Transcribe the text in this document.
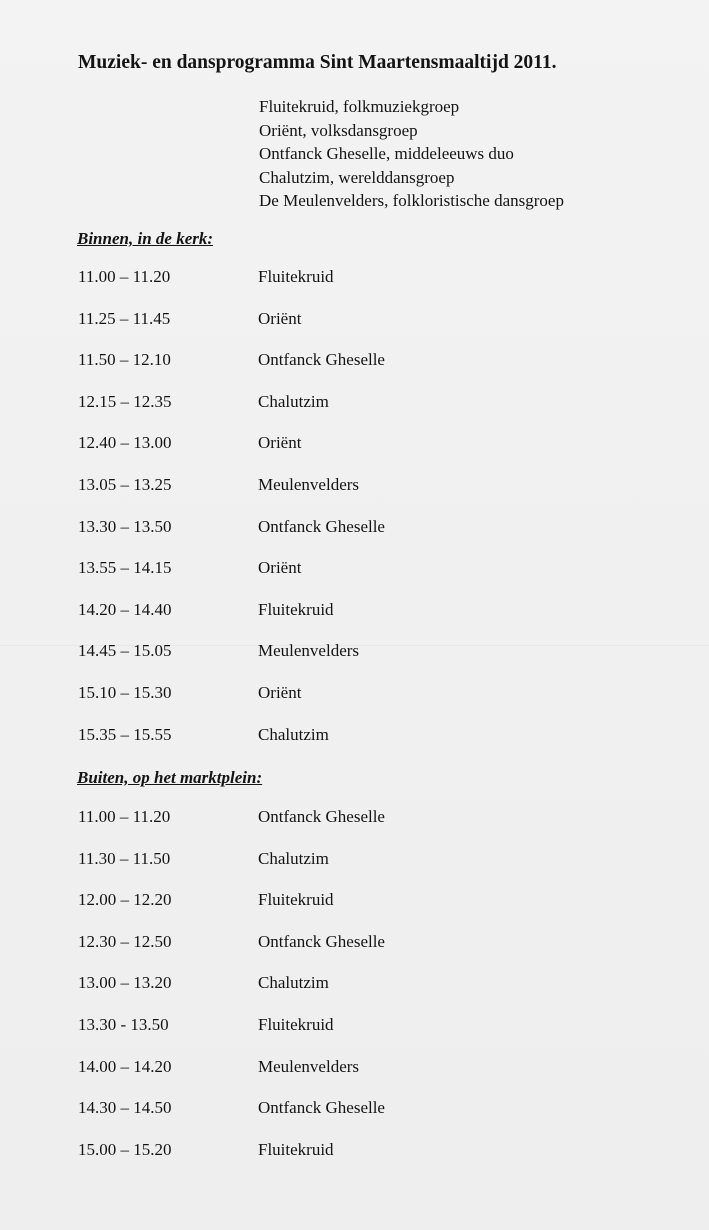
Muziek- en dansprogramma Sint Maartensmaaltijd 2011.
Fluitekruid, folkmuziekgroep
Oriënt, volksdansgroep
Ontfanck Gheselle, middeleeuws duo
Chalutzim, werelddansgroep
De Meulenvelders, folkloristische dansgroep
Binnen, in de kerk:
11.00 – 11.20	Fluitekruid
11.25 – 11.45	Oriënt
11.50 – 12.10	Ontfanck Gheselle
12.15 – 12.35	Chalutzim
12.40 – 13.00	Oriënt
13.05 – 13.25	Meulenvelders
13.30 – 13.50	Ontfanck Gheselle
13.55 – 14.15	Oriënt
14.20 – 14.40	Fluitekruid
14.45 – 15.05	Meulenvelders
15.10 – 15.30	Oriënt
15.35 – 15.55	Chalutzim
Buiten, op het marktplein:
11.00 – 11.20	Ontfanck Gheselle
11.30 – 11.50	Chalutzim
12.00 – 12.20	Fluitekruid
12.30 – 12.50	Ontfanck Gheselle
13.00 – 13.20	Chalutzim
13.30 - 13.50	Fluitekruid
14.00 – 14.20	Meulenvelders
14.30 – 14.50	Ontfanck Gheselle
15.00 – 15.20	Fluitekruid
